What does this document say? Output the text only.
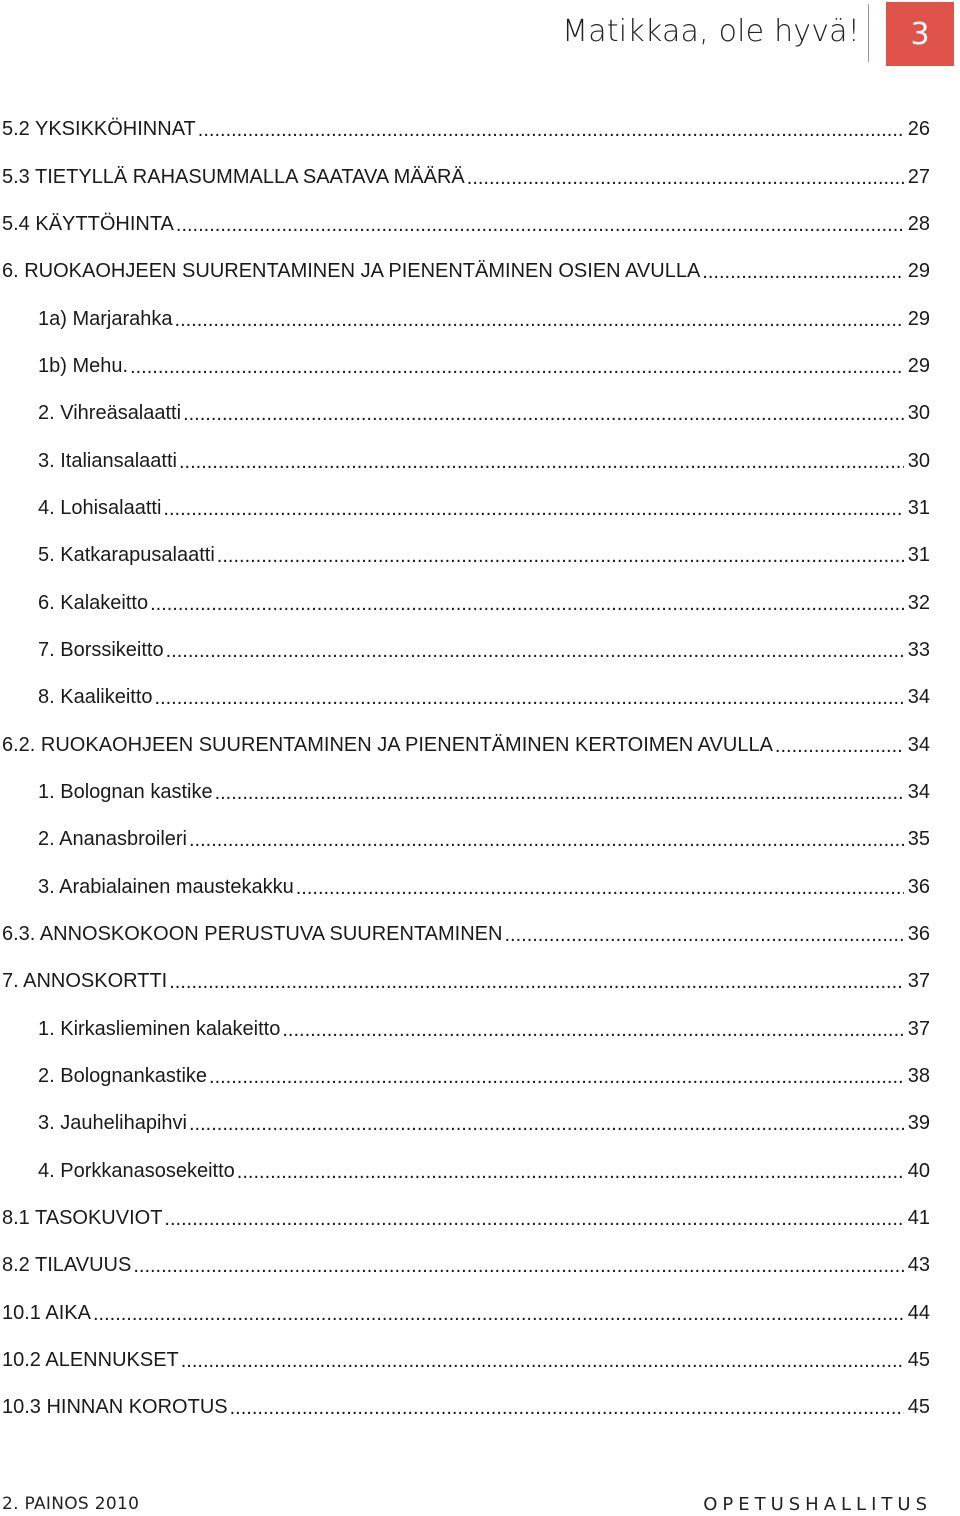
Matikkaa, ole hyvä!	3
5.2 YKSIKKÖHINNAT .....	26
5.3 TIETYLLÄ RAHASUMMALLA SAATAVA MÄÄRÄ .....	27
5.4 KÄYTTÖHINTA .....	28
6. RUOKAOHJEEN SUURENTAMINEN JA PIENENTÄMINEN OSIEN AVULLA .....	29
1a) Marjarahka .....	29
1b) Mehu. .....	29
2. Vihreäsalaatti .....	30
3. Italiansalaatti .....	30
4. Lohisalaatti .....	31
5. Katkarapusalaatti .....	31
6. Kalakeitto .....	32
7. Borssikeitto .....	33
8. Kaalikeitto .....	34
6.2. RUOKAOHJEEN SUURENTAMINEN JA PIENENTÄMINEN KERTOIMEN AVULLA .....	34
1. Bolognan kastike .....	34
2. Ananasbroileri .....	35
3. Arabialainen maustekakku .....	36
6.3. ANNOSKOKOON PERUSTUVA SUURENTAMINEN .....	36
7. ANNOSKORTTI .....	37
1. Kirkaslieminen kalakeitto .....	37
2. Bolognankastike .....	38
3. Jauhelihapihvi .....	39
4. Porkkanasosekeitto .....	40
8.1 TASOKUVIOT .....	41
8.2 TILAVUUS .....	43
10.1 AIKA .....	44
10.2 ALENNUKSET .....	45
10.3 HINNAN KOROTUS .....	45
2. PAINOS 2010	OPETUSHALLITUS
